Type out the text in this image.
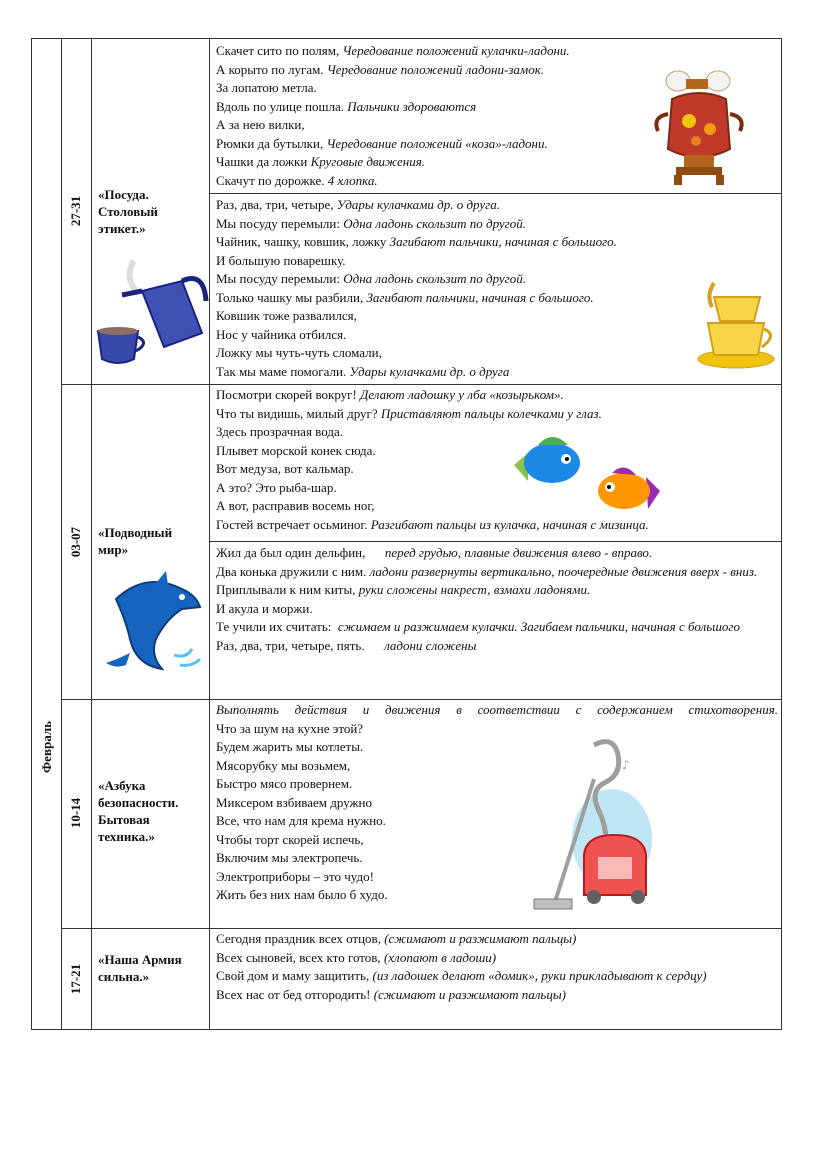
Февраль
27-31
03-07
10-14
17-21
«Посуда. Столовый этикет.»
«Подводный мир»
«Азбука безопасности. Бытовая техника.»
«Наша Армия сильна.»
Скачет сито по полям, Чередование положений кулачки-ладони.
А корыто по лугам. Чередование положений ладони-замок.
За лопатою метла.
Вдоль по улице пошла. Пальчики здороваются
А за нею вилки,
Рюмки да бутылки, Чередование положений «коза»-ладони.
Чашки да ложки Круговые движения.
Скачут по дорожке. 4 хлопка.
Раз, два, три, четыре, Удары кулачками др. о друга.
Мы посуду перемыли: Одна ладонь скользит по другой.
Чайник, чашку, ковшик, ложку Загибают пальчики, начиная с большого.
И большую поварешку.
Мы посуду перемыли: Одна ладонь скользит по другой.
Только чашку мы разбили, Загибают пальчики, начиная с большого.
Ковшик тоже развалился,
Нос у чайника отбился.
Ложку мы чуть-чуть сломали,
Так мы маме помогали. Удары кулачками др. о друга
Посмотри скорей вокруг! Делают ладошку у лба «козырьком».
Что ты видишь, милый друг? Приставляют пальцы колечками у глаз.
Здесь прозрачная вода.
Плывет морской конек сюда.
Вот медуза, вот кальмар.
А это? Это рыба-шар.
А вот, расправив восемь ног,
Гостей встречает осьминог. Разгибают пальцы из кулачка, начиная с мизинца.
Жил да был один дельфин,      перед грудью, плавные движения влево - вправо.
Два конька дружили с ним. ладони развернуты вертикально, поочередные движения вверх - вниз.
Приплывали к ним киты, руки сложены накрест, взмахи ладонями.
И акула и моржи.
Те учили их считать:  сжимаем и разжимаем кулачки. Загибаем пальчики, начиная с большого
Раз, два, три, четыре, пять.      ладони сложены
Выполнять действия и движения в соответствии с содержанием стихотворения.
Что за шум на кухне этой?
Будем жарить мы котлеты.
Мясорубку мы возьмем,
Быстро мясо провернем.
Миксером взбиваем дружно
Все, что нам для крема нужно.
Чтобы торт скорей испечь,
Включим мы электропечь.
Электроприборы – это чудо!
Жить без них нам было б худо.
Сегодня праздник всех отцов, (сжимают и разжимают пальцы)
Всех сыновей, всех кто готов, (хлопают в ладоши)
Свой дом и маму защитить, (из ладошек делают «домик», руки прикладывают к сердцу)
Всех нас от бед отгородить! (сжимают и разжимают пальцы)
♪
